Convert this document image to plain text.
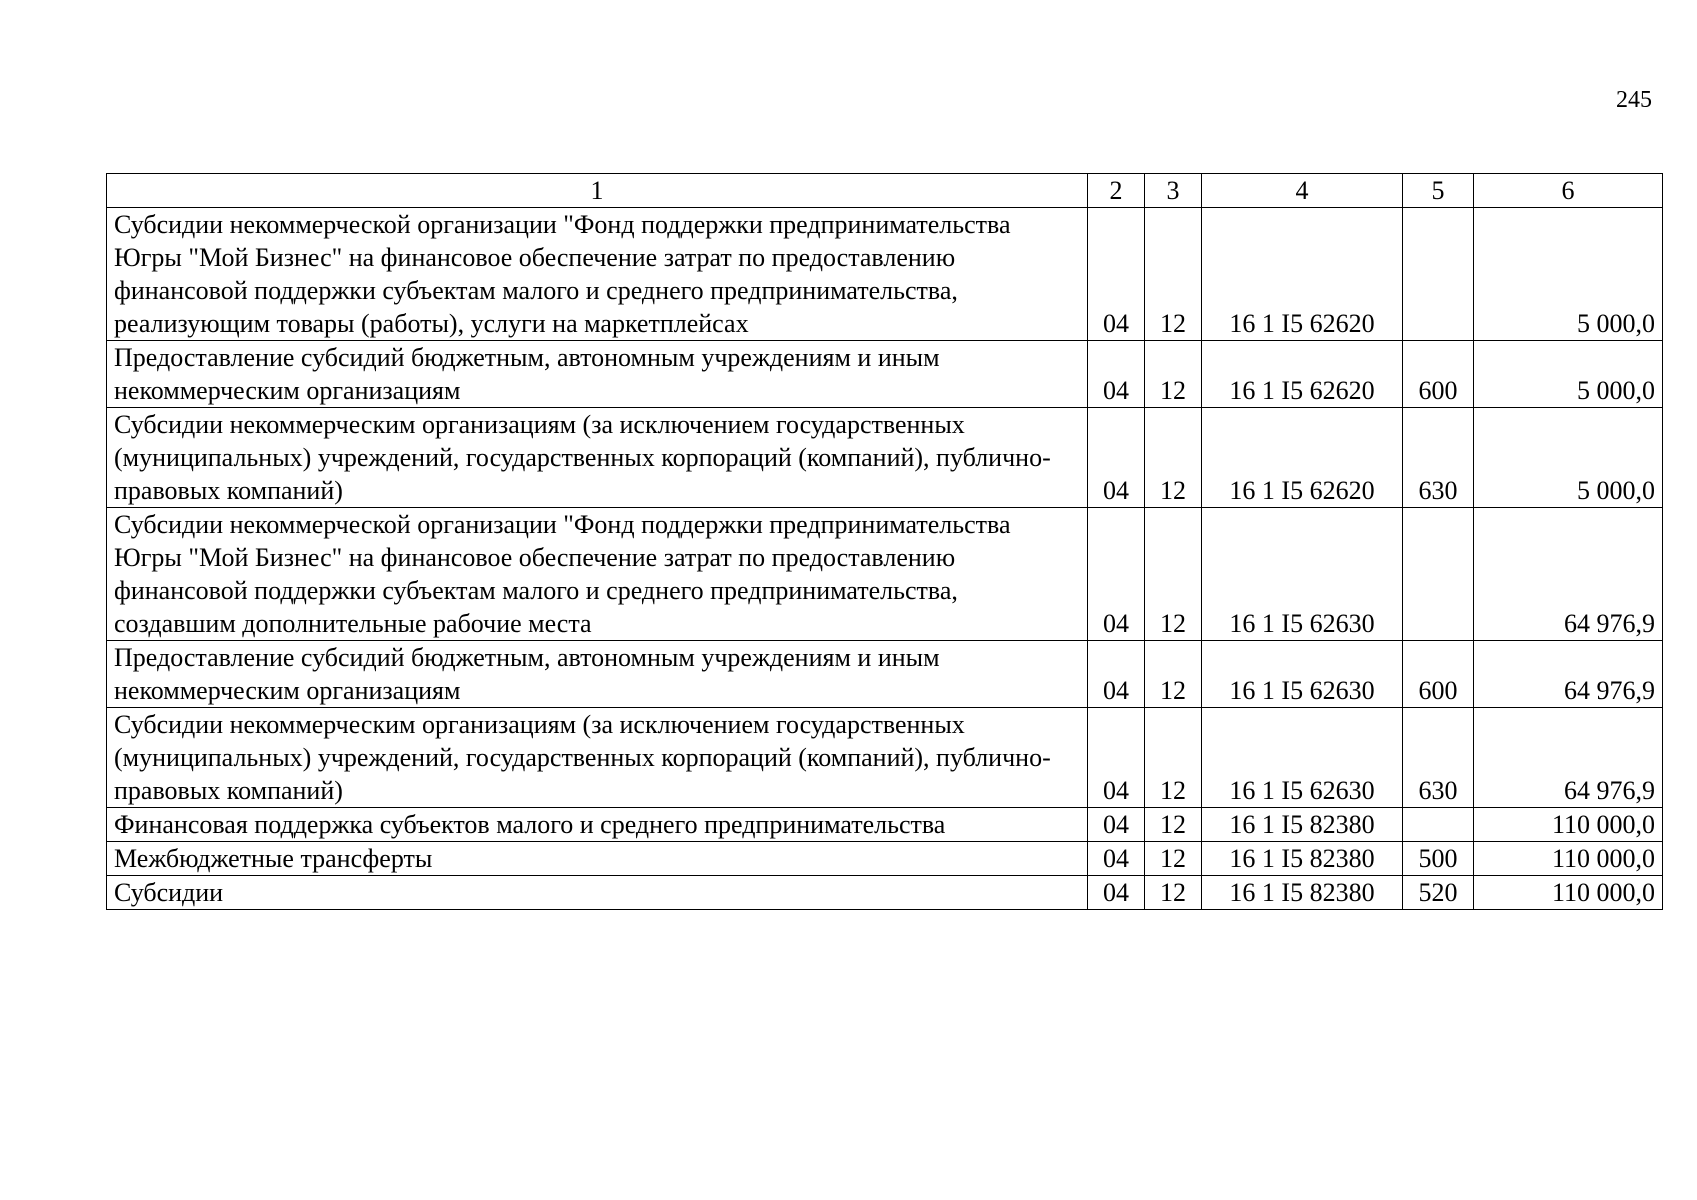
245
1	2	3	4	5	6
Субсидии некоммерческой организации "Фонд поддержки предпринимательства Югры "Мой Бизнес" на финансовое обеспечение затрат по предоставлению финансовой поддержки субъектам малого и среднего предпринимательства, реализующим товары (работы), услуги на маркетплейсах	04	12	16 1 I5 62620		5 000,0
Предоставление субсидий бюджетным, автономным учреждениям и иным некоммерческим организациям	04	12	16 1 I5 62620	600	5 000,0
Субсидии некоммерческим организациям (за исключением государственных (муниципальных) учреждений, государственных корпораций (компаний), публично-правовых компаний)	04	12	16 1 I5 62620	630	5 000,0
Субсидии некоммерческой организации "Фонд поддержки предпринимательства Югры "Мой Бизнес" на финансовое обеспечение затрат по предоставлению финансовой поддержки субъектам малого и среднего предпринимательства, создавшим дополнительные рабочие места	04	12	16 1 I5 62630		64 976,9
Предоставление субсидий бюджетным, автономным учреждениям и иным некоммерческим организациям	04	12	16 1 I5 62630	600	64 976,9
Субсидии некоммерческим организациям (за исключением государственных (муниципальных) учреждений, государственных корпораций (компаний), публично-правовых компаний)	04	12	16 1 I5 62630	630	64 976,9
Финансовая поддержка субъектов малого и среднего предпринимательства	04	12	16 1 I5 82380		110 000,0
Межбюджетные трансферты	04	12	16 1 I5 82380	500	110 000,0
Субсидии	04	12	16 1 I5 82380	520	110 000,0
